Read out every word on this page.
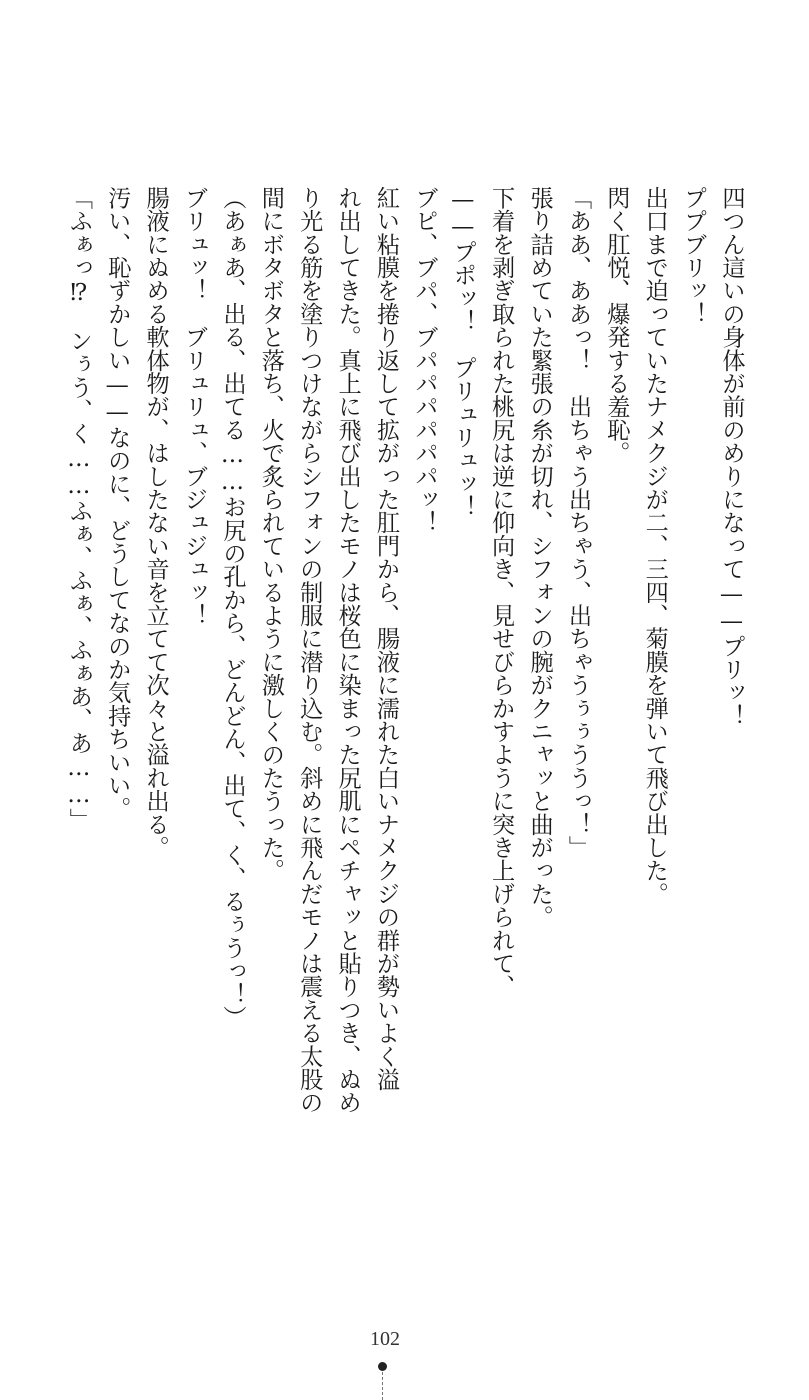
四つん這いの身体が前のめりになって——プリッ！
ププブリッ！
出口まで迫っていたナメクジが二、三四、菊膜を弾いて飛び出した。
閃く肛悦、爆発する羞恥。
「ああ、ああっ！　出ちゃう出ちゃう、出ちゃうぅぅううっ！」
張り詰めていた緊張の糸が切れ、シフォンの腕がクニャッと曲がった。
下着を剥ぎ取られた桃尻は逆に仰向き、見せびらかすように突き上げられて、
——プポッ！　プリュリュッ！
ブピ、ブパ、ブパパパパパパッ！
紅い粘膜を捲り返して拡がった肛門から、腸液に濡れた白いナメクジの群が勢いよく溢
れ出してきた。真上に飛び出したモノは桜色に染まった尻肌にペチャッと貼りつき、ぬめ
り光る筋を塗りつけながらシフォンの制服に潜り込む。斜めに飛んだモノは震える太股の
間にボタボタと落ち、火で炙られているように激しくのたうった。
（あぁあ、出る、出てる……お尻の孔から、どんどん、出て、く、るぅうっ！）
ブリュッ！　ブリュリュ、ブジュジュッ！
腸液にぬめる軟体物が、はしたない音を立てて次々と溢れ出る。
汚い、恥ずかしい——なのに、どうしてなのか気持ちいい。
「ふぁっ⁉　ンぅう、く……ふぁ、ふぁ、ふぁあ、あ……」
102
